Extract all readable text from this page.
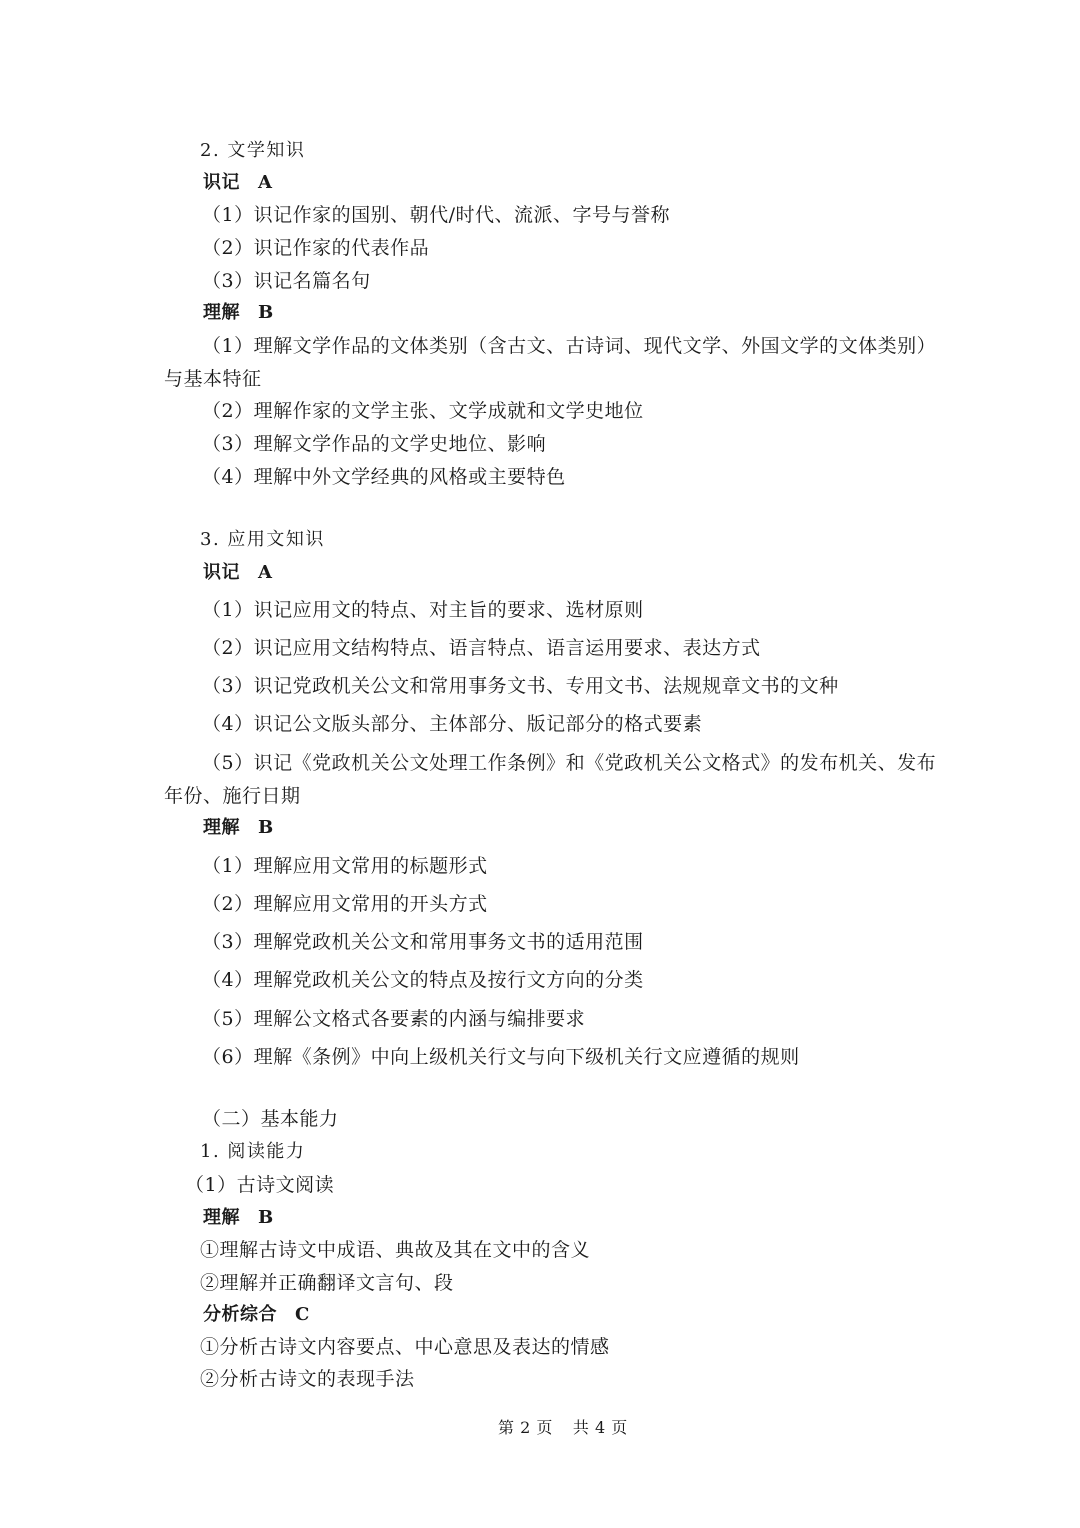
2. 文学知识
识记 A
（1）识记作家的国别、朝代/时代、流派、字号与誉称
（2）识记作家的代表作品
（3）识记名篇名句
理解 B
（1）理解文学作品的文体类别（含古文、古诗词、现代文学、外国文学的文体类别）
与基本特征
（2）理解作家的文学主张、文学成就和文学史地位
（3）理解文学作品的文学史地位、影响
（4）理解中外文学经典的风格或主要特色
3. 应用文知识
识记 A
（1）识记应用文的特点、对主旨的要求、选材原则
（2）识记应用文结构特点、语言特点、语言运用要求、表达方式
（3）识记党政机关公文和常用事务文书、专用文书、法规规章文书的文种
（4）识记公文版头部分、主体部分、版记部分的格式要素
（5）识记《党政机关公文处理工作条例》和《党政机关公文格式》的发布机关、发布
年份、施行日期
理解 B
（1）理解应用文常用的标题形式
（2）理解应用文常用的开头方式
（3）理解党政机关公文和常用事务文书的适用范围
（4）理解党政机关公文的特点及按行文方向的分类
（5）理解公文格式各要素的内涵与编排要求
（6）理解《条例》中向上级机关行文与向下级机关行文应遵循的规则
（二）基本能力
1. 阅读能力
（1）古诗文阅读
理解 B
①理解古诗文中成语、典故及其在文中的含义
②理解并正确翻译文言句、段
分析综合 C
①分析古诗文内容要点、中心意思及表达的情感
②分析古诗文的表现手法
第 2 页 共 4 页
